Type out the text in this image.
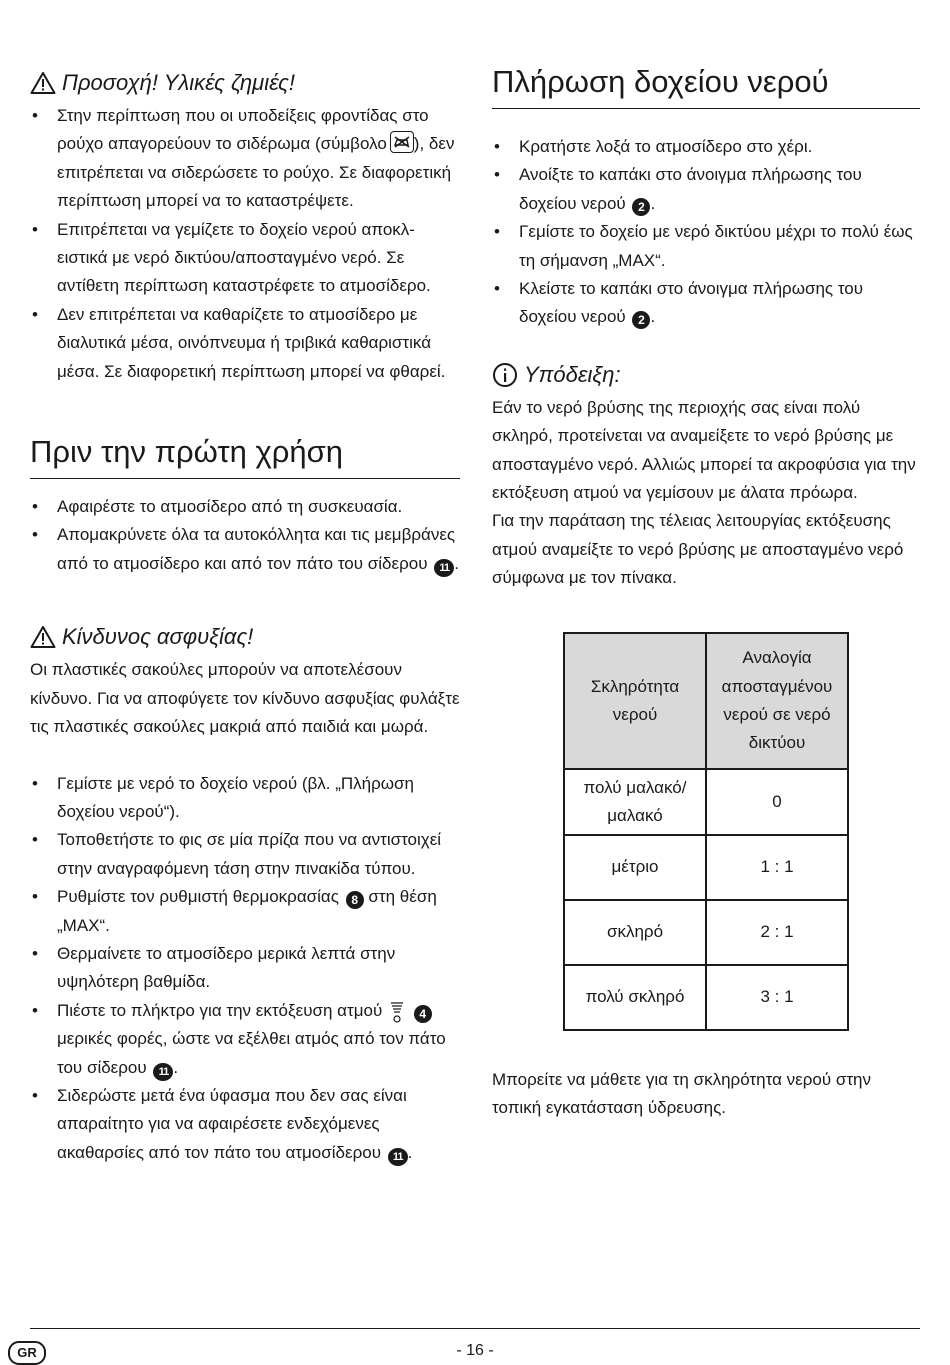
Προσοχή! Υλικές ζημιές!
• Στην περίπτωση που οι υποδείξεις φροντίδας στο ρούχο απαγορεύουν το σιδέρωμα (σύμβολο ), δεν επιτρέπεται να σιδερώσετε το ρούχο. Σε διαφορετική περίπτωση μπορεί να το καταστρέψετε.
• Επιτρέπεται να γεμίζετε το δοχείο νερού αποκλ- ειστικά με νερό δικτύου/αποσταγμένο νερό. Σε αντίθετη περίπτωση καταστρέφετε το ατμοσίδερο.
• Δεν επιτρέπεται να καθαρίζετε το ατμοσίδερο με διαλυτικά μέσα, οινόπνευμα ή τριβικά καθαριστικά μέσα. Σε διαφορετική περίπτωση μπορεί να φθαρεί.
Πριν την πρώτη χρήση
• Αφαιρέστε το ατμοσίδερο από τη συσκευασία.
• Απομακρύνετε όλα τα αυτοκόλλητα και τις μεμβράνες από το ατμοσίδερο και από τον πάτο του σίδερου 11 .
Κίνδυνος ασφυξίας!

Οι πλαστικές σακούλες μπορούν να αποτελέσουν κίνδυνο. Για να αποφύγετε τον κίνδυνο ασφυξίας φυλάξτε τις πλαστικές σακούλες μακριά από παιδιά και μωρά.

• Γεμίστε με νερό το δοχείο νερού (βλ. „Πλήρωση δοχείου νερού“).
• Τοποθετήστε το φις σε μία πρίζα που να αντιστοιχεί στην αναγραφόμενη τάση στην πινακίδα τύπου.
• Ρυθμίστε τον ρυθμιστή θερμοκρασίας 8 στη θέση „MAX“.
• Θερμαίνετε το ατμοσίδερο μερικά λεπτά στην υψηλότερη βαθμίδα.
• Πιέστε το πλήκτρο για την εκτόξευση ατμού	4 μερικές φορές, ώστε να εξέλθει ατμός από τον πάτο του σίδερου 11 .
• Σιδερώστε μετά ένα ύφασμα που δεν σας είναι απαραίτητο για να αφαιρέσετε ενδεχόμενες ακαθαρσίες από τον πάτο του ατμοσίδερου 11 .
Πλήρωση δοχείου νερού
• Κρατήστε λοξά το ατμοσίδερο στο χέρι.
• Ανοίξτε το καπάκι στο άνοιγμα πλήρωσης του δοχείου νερού 2 .
• Γεμίστε το δοχείο με νερό δικτύου μέχρι το πολύ έως τη σήμανση „MAX“.
• Κλείστε το καπάκι στο άνοιγμα πλήρωσης του δοχείου νερού 2 .
Υπόδειξη:

Εάν το νερό βρύσης της περιοχής σας είναι πολύ σκληρό, προτείνεται να αναμείξετε το νερό βρύσης με αποσταγμένο νερό. Αλλιώς μπορεί τα ακροφύσια για την εκτόξευση ατμού να γεμίσουν με άλατα πρόωρα.

Για την παράταση της τέλειας λειτουργίας εκτόξευσης ατμού αναμείξτε το νερό βρύσης με αποσταγμένο νερό σύμφωνα με τον πίνακα.

Σκληρότητα νερού	Αναλογία αποσταγμένου νερού σε νερό δικτύου
πολύ μαλακό/ μαλακό	0
μέτριο	1 : 1
σκληρό	2 : 1
πολύ σκληρό	3 : 1

Μπορείτε να μάθετε για τη σκληρότητα νερού στην τοπική εγκατάσταση ύδρευσης.

GR	- 16 -
